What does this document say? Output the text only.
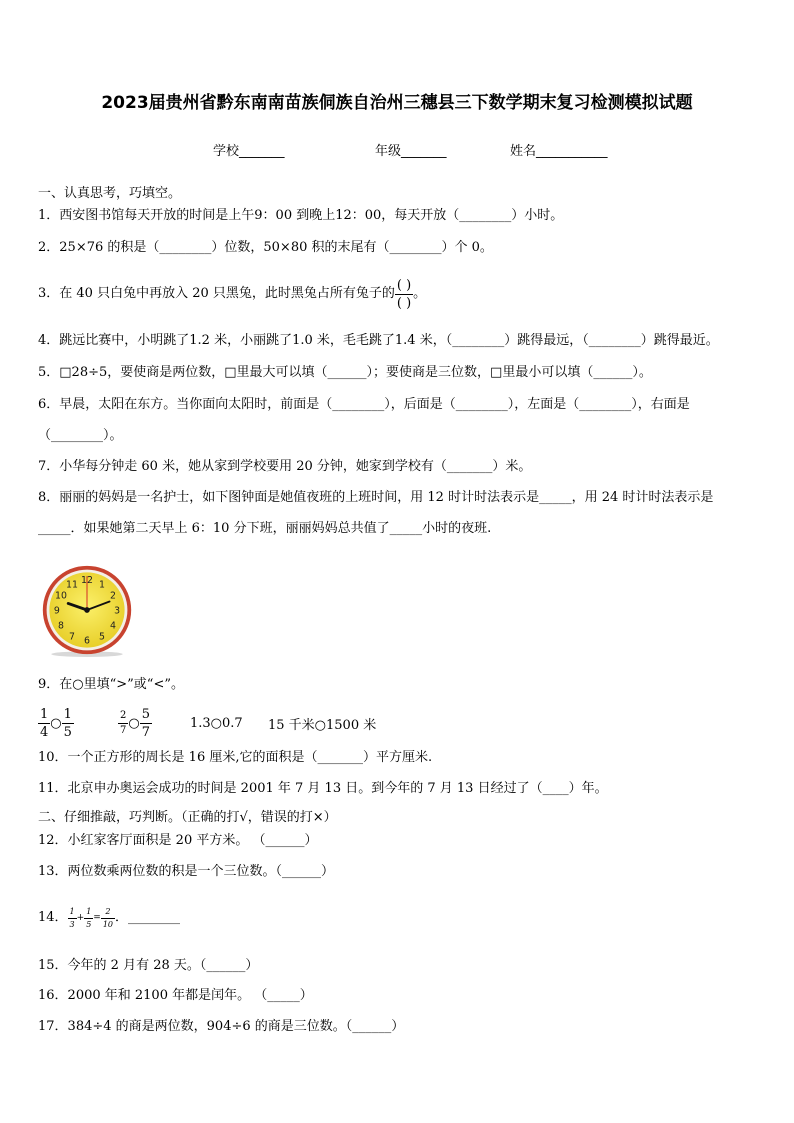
2023届贵州省黔东南南苗族侗族自治州三穗县三下数学期末复习检测模拟试题
学校_______	年级_______	姓名___________
一、认真思考，巧填空。
1．西安图书馆每天开放的时间是上午9：00 到晚上12：00，每天开放（________）小时。
2．25×76 的积是（________）位数，50×80 积的末尾有（________）个 0。
3．在 40 只白兔中再放入 20 只黑兔，此时黑兔占所有兔子的 $\frac{( )}{( )}$ 。
4．跳远比赛中，小明跳了1.2 米，小丽跳了1.0 米，毛毛跳了1.4 米，（________）跳得最远，（________）跳得最近。
5．□28÷5，要使商是两位数，□里最大可以填（______）；要使商是三位数，□里最小可以填（______）。
6．早晨，太阳在东方。当你面向太阳时，前面是（________），后面是（________），左面是（________），右面是
（________）。
7．小华每分钟走 60 米，她从家到学校要用 20 分钟，她家到学校有（_______）米。
8．丽丽的妈妈是一名护士，如下图钟面是她值夜班的上班时间，用 12 时计时法表示是_____，用 24 时计时法表示是
_____．如果她第二天早上 6：10 分下班，丽丽妈妈总共值了_____小时的夜班.
12 1
2
3
4
5
6
7
8
9
10
11
9．在○里填“>”或“<”。
$\frac{1}{4}$ ○ $\frac{1}{5}$	$\frac{2}{7}$ ○ $\frac{5}{7}$	1.3○0.7 15 千米○1500 米
10．一个正方形的周长是 16 厘米,它的面积是（_______）平方厘米.
11．北京申办奥运会成功的时间是 2001 年 7 月 13 日。到今年的 7 月 13 日经过了（____）年。
二、仔细推敲，巧判断。（正确的打√，错误的打×）
12．小红家客厅面积是 20 平方米。 （______）
13．两位数乘两位数的积是一个三位数。（______）
14． $\frac{1}{3} + \frac{1}{5} = \frac{2}{10}$ ．________
15．今年的 2 月有 28 天。（______）
16．2000 年和 2100 年都是闰年。 （_____）
17．384÷4 的商是两位数，904÷6 的商是三位数。（______）
